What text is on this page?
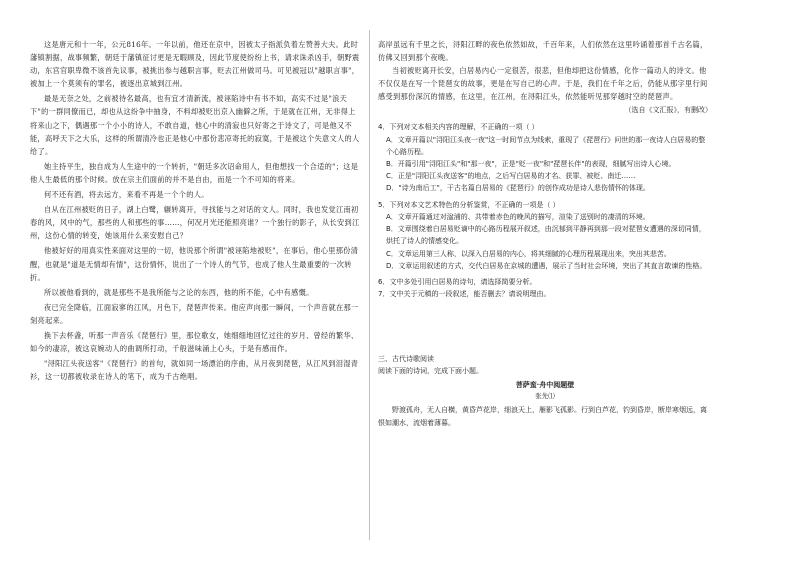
这是唐元和十一年，公元816年。一年以前，他还在京中，因被太子指派负着左赞善大夫。此时藩镇割据，战事频繁，朝廷于藩镇征讨更是无暇顾及，因此节度使纷纷上书，请求诛杀凶手，朝野震动，东宫官职卑微不该首先议事，被挑出参与越职言事，贬去江州做司马。可见被冠以"越职言事"，被加上一个莫须有的罪名，被逐出京城到江州。

最是无奈之处，之前被待名最高，也有宜才清新流，被诬陷诗中有书不如，高实不过是"浪天下"的一群同僚而已，却也从这纷争中抽身，不料却被贬出京入幽僻之所，于是就在江州，无非得上将来山之下，偶遇那一个小小的诗人，不敢自道，他心中的清寂也只好寄之于诗文了，可是他又不能，高呼天下之大乐，这样的所谓清冷也正是他心中那份悲凉寄托的寂寞，于是被这个失意文人的人给了。

她主持平生，独自成为人生途中的一个转折，"朝廷多次诏命用人，但他想找一个合适的"；这是他人生最低的那个时候。放在宗主们面前的并不是自由，而是一个不可知的将来。

何不还有酒，将去远方，来看不再是一个个的人。

自从在江州被贬的日子，湖上白鹭，辗转离开，寻找能与之对话的文人。同时，我也发觉江南初春的风，风中的气，那些的人和那些的事……，何况月光还能照亮谁？一个独行的影子，从长安到江州，这份心情的转变，她该用什么来安慰自己？

他被好好的用真实性来面对这里的一切，他说那个所谓"被诬陷地被贬"，在事后，他心里那份清醒，也就是"道是无情却有情"，这份情怀，说出了一个诗人的气节，也成了他人生最重要的一次转折。

所以被他看到的，就是那些不是我所能与之论的东西，他的所不能，心中有感慨。

夜已完全降临，江面寂寥的江风，月色下，琵琶声传来。他应声向那一瞬间，一个声音就在那一刻亮起来。

换下去杯盏，听那一声音乐《琵琶行》里，那位歌女，她细细地回忆过往的岁月、曾经的繁华、如今的凄凉，被这哀婉动人的曲调所打动，千般滋味涌上心头，于是有感而作。

"浔阳江头夜送客"《琵琶行》的首句，就如同一场漂泊的序曲，从月夜到琵琶，从江风到泪湿青衫，这一切都被收录在诗人的笔下，成为千古绝唱。

高岸虽远有千里之长，浔阳江畔的夜色依然如故，千百年来，人们依然在这里吟诵着那首千古名篇，仿佛又回到那个夜晚。

当初被贬离开长安，白居易内心一定很苦，很悲，但他却把这份情感，化作一篇动人的诗文。他不仅仅是在写一个琵琶女的故事，更是在写自己的心声。于是，我们在千年之后，仍能从那字里行间感受到那份深沉的情感，在这里，在江州，在浔阳江头，依然能听见那穿越时空的琵琶声。

（选自《文汇报》，有删改）

4．下列对文本相关内容的理解，不正确的一项（ ）

A．文章开篇以"浔阳江头夜一夜"这一时间节点为线索，重现了《琵琶行》问世的那一夜诗人白居易的整个心路历程。

B．开篇引用"浔阳江头"和"那一夜"，正是"贬一夜"和"琵琶长伴"的表现，细腻写出诗人心境。

C．正是"浔阳江头夜送客"的地点，之后写白居易的才名、获罪、被贬、南迁……

D．"诗为南后工"，干古名篇白居易的《琵琶行》的创作成功是诗人悲伤情怀的体现。

5．下列对本文艺术特色的分析鉴赏，不正确的一项是（ ）

A．文章开篇通过对湓浦的、共带着赤色的晚风的描写，渲染了送别时的凄清的环境。

B．文章围绕着白居易贬谪中的心路历程展开叙述，由沉郁到平静再到那一段对琵琶女遭遇的深切同情，烘托了诗人的情感变化。

C．文章运用第三人称，以深入白居易的内心，将其细腻的心理历程展现出来，突出其悲苦。

D．文章运用叙述的方式，交代白居易在京城的遭遇，展示了当时社会环境，突出了其直言敢谏的性格。

6．文中多处引用白居易的诗句，请选择简要分析。

7．文中关于元稹的一段叙述，能否删去？请说明理由。

三、古代诗歌阅读

阅读下面的诗词，完成下面小题。

菩萨蛮·舟中阅题壁

张先⑴

野渡孤舟，无人自横，黄昏芦花岸，细浪天上，雁影飞孤影。行到白芦花，钓到昏岸，断岸寒烟远，离恨如潮水，流烟着薄暮。
